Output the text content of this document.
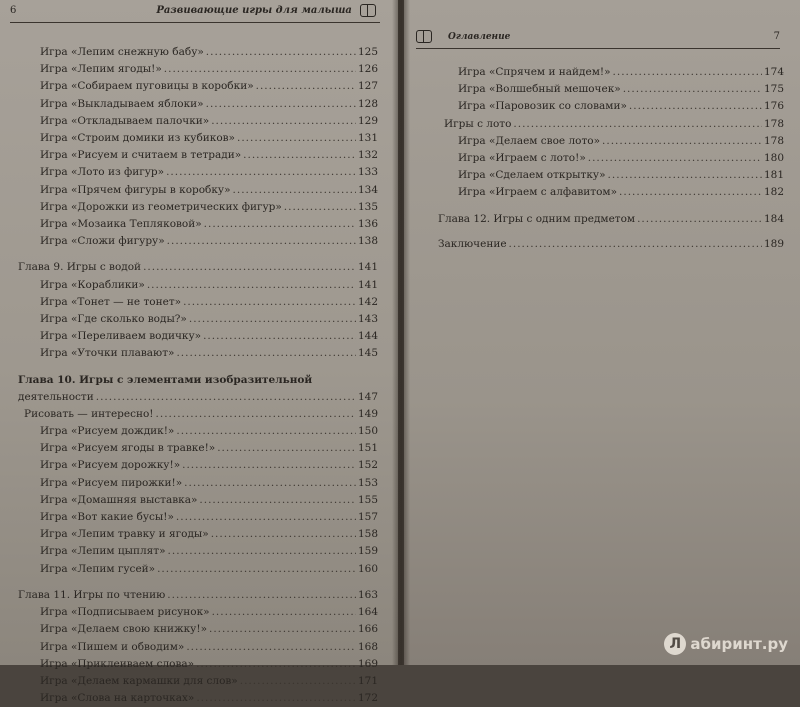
6	Развивающие игры для малыша
Игра «Лепим снежную бабу» .....	125
Игра «Лепим ягоды!» .....	126
Игра «Собираем пуговицы в коробки» .....	127
Игра «Выкладываем яблоки» .....	128
Игра «Откладываем палочки» .....	129
Игра «Строим домики из кубиков» .....	131
Игра «Рисуем и считаем в тетради» .....	132
Игра «Лото из фигур» .....	133
Игра «Прячем фигуры в коробку» .....	134
Игра «Дорожки из геометрических фигур» .....	135
Игра «Мозаика Тепляковой» .....	136
Игра «Сложи фигуру» .....	138
Глава 9. Игры с водой .....	141
Игра «Кораблики» .....	141
Игра «Тонет — не тонет» .....	142
Игра «Где сколько воды?» .....	143
Игра «Переливаем водичку» .....	144
Игра «Уточки плавают» .....	145
Глава 10. Игры с элементами изобразительной
деятельности .....	147
Рисовать — интересно! .....	149
Игра «Рисуем дождик!» .....	150
Игра «Рисуем ягоды в травке!» .....	151
Игра «Рисуем дорожку!» .....	152
Игра «Рисуем пирожки!» .....	153
Игра «Домашняя выставка» .....	155
Игра «Вот какие бусы!» .....	157
Игра «Лепим травку и ягоды» .....	158
Игра «Лепим цыплят» .....	159
Игра «Лепим гусей» .....	160
Глава 11. Игры по чтению .....	163
Игра «Подписываем рисунок» .....	164
Игра «Делаем свою книжку!» .....	166
Игра «Пишем и обводим» .....	168
Игра «Приклеиваем слова» .....	169
Игра «Делаем кармашки для слов» .....	171
Игра «Слова на карточках» .....	172
Оглавление	7
Игра «Спрячем и найдем!» .....	174
Игра «Волшебный мешочек» .....	175
Игра «Паровозик со словами» .....	176
Игры с лото .....	178
Игра «Делаем свое лото» .....	178
Игра «Играем с лото!» .....	180
Игра «Сделаем открытку» .....	181
Игра «Играем с алфавитом» .....	182
Глава 12. Игры с одним предметом .....	184
Заключение .....	189
Л абиринт.ру
